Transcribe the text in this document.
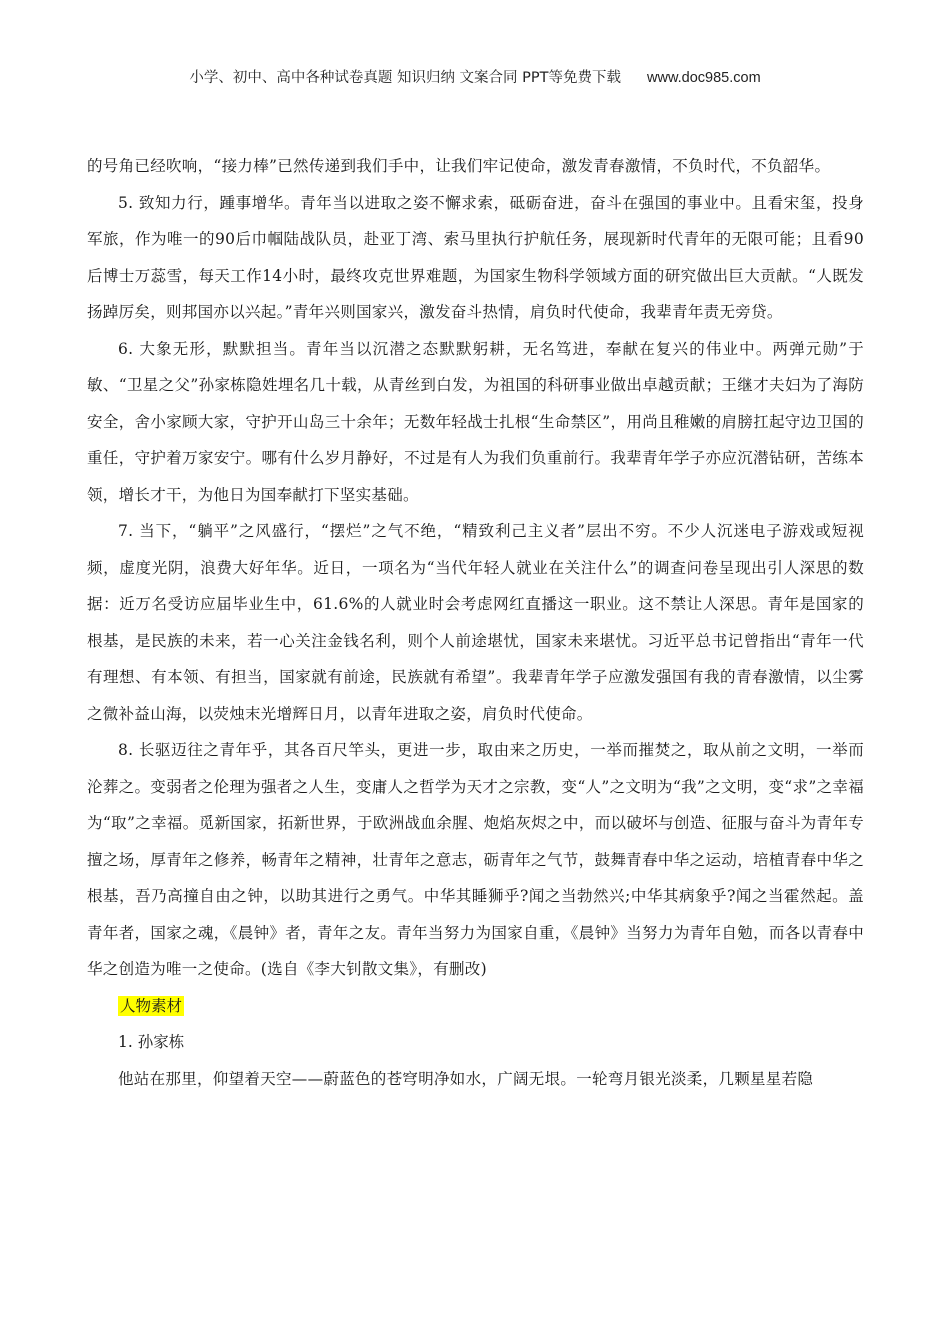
小学、初中、高中各种试卷真题 知识归纳 文案合同 PPT等免费下载 www.doc985.com

的号角已经吹响，“接力棒”已然传递到我们手中，让我们牢记使命，激发青春激情，不负时代，不负韶华。

5. 致知力行，踵事增华。青年当以进取之姿不懈求索，砥砺奋进，奋斗在强国的事业中。且看宋玺，投身军旅，作为唯一的90后巾帼陆战队员，赴亚丁湾、索马里执行护航任务，展现新时代青年的无限可能；且看90后博士万蕊雪，每天工作14小时，最终攻克世界难题，为国家生物科学领域方面的研究做出巨大贡献。“人既发扬踔厉矣，则邦国亦以兴起。”青年兴则国家兴，激发奋斗热情，肩负时代使命，我辈青年责无旁贷。

6. 大象无形，默默担当。青年当以沉潜之态默默躬耕，无名笃进，奉献在复兴的伟业中。两弹元勋”于敏、“卫星之父”孙家栋隐姓埋名几十载，从青丝到白发，为祖国的科研事业做出卓越贡献；王继才夫妇为了海防安全，舍小家顾大家，守护开山岛三十余年；无数年轻战士扎根“生命禁区”，用尚且稚嫩的肩膀扛起守边卫国的重任，守护着万家安宁。哪有什么岁月静好，不过是有人为我们负重前行。我辈青年学子亦应沉潜钻研，苦练本领，增长才干，为他日为国奉献打下坚实基础。

7. 当下，“躺平”之风盛行，“摆烂”之气不绝，“精致利己主义者”层出不穷。不少人沉迷电子游戏或短视频，虚度光阴，浪费大好年华。近日，一项名为“当代年轻人就业在关注什么”的调查问卷呈现出引人深思的数据：近万名受访应届毕业生中，61.6%的人就业时会考虑网红直播这一职业。这不禁让人深思。青年是国家的根基，是民族的未来，若一心关注金钱名利，则个人前途堪忧，国家未来堪忧。习近平总书记曾指出“青年一代有理想、有本领、有担当，国家就有前途，民族就有希望”。我辈青年学子应激发强国有我的青春激情，以尘雾之微补益山海，以荧烛末光增辉日月，以青年进取之姿，肩负时代使命。

8. 长驱迈往之青年乎，其各百尺竿头，更进一步，取由来之历史，一举而摧焚之，取从前之文明，一举而沦葬之。变弱者之伦理为强者之人生，变庸人之哲学为天才之宗教，变“人”之文明为“我”之文明，变“求”之幸福为“取”之幸福。觅新国家，拓新世界，于欧洲战血余腥、炮焰灰烬之中，而以破坏与创造、征服与奋斗为青年专擅之场，厚青年之修养，畅青年之精神，壮青年之意志，砺青年之气节，鼓舞青春中华之运动，培植青春中华之根基，吾乃高撞自由之钟，以助其进行之勇气。中华其睡狮乎?闻之当勃然兴;中华其病象乎?闻之当霍然起。盖青年者，国家之魂，《晨钟》者，青年之友。青年当努力为国家自重，《晨钟》当努力为青年自勉，而各以青春中华之创造为唯一之使命。(选自《李大钊散文集》，有删改)

人物素材
1. 孙家栋

他站在那里，仰望着天空——蔚蓝色的苍穹明净如水，广阔无垠。一轮弯月银光淡柔，几颗星星若隐
